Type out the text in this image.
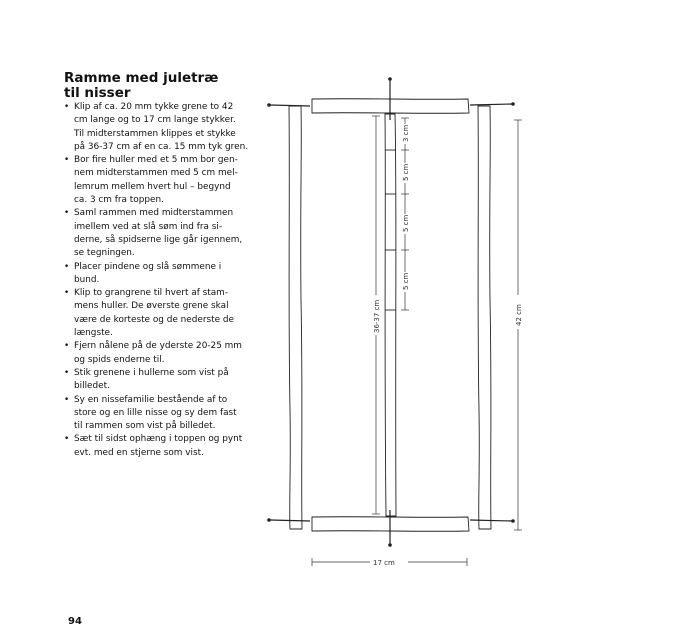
Ramme med juletræ
til nisser
• Klip af ca. 20 mm tykke grene to 42
cm lange og to 17 cm lange stykker.
Til midterstammen klippes et stykke
på 36-37 cm af en ca. 15 mm tyk gren.
• Bor fire huller med et 5 mm bor gen-
nem midterstammen med 5 cm mel-
lemrum mellem hvert hul – begynd
ca. 3 cm fra toppen.
• Saml rammen med midterstammen
imellem ved at slå søm ind fra si-
derne, så spidserne lige går igennem,
se tegningen.
• Placer pindene og slå sømmene i
bund.
• Klip to grangrene til hvert af stam-
mens huller. De øverste grene skal
være de korteste og de nederste de
længste.
• Fjern nålene på de yderste 20-25 mm
og spids enderne til.
• Stik grenene i hullerne som vist på
billedet.
• Sy en nissefamilie bestående af to
store og en lille nisse og sy dem fast
til rammen som vist på billedet.
• Sæt til sidst ophæng i toppen og pynt
evt. med en stjerne som vist.
3 cm
5 cm
5 cm
5 cm
36-37 cm	42 cm
17 cm

94
